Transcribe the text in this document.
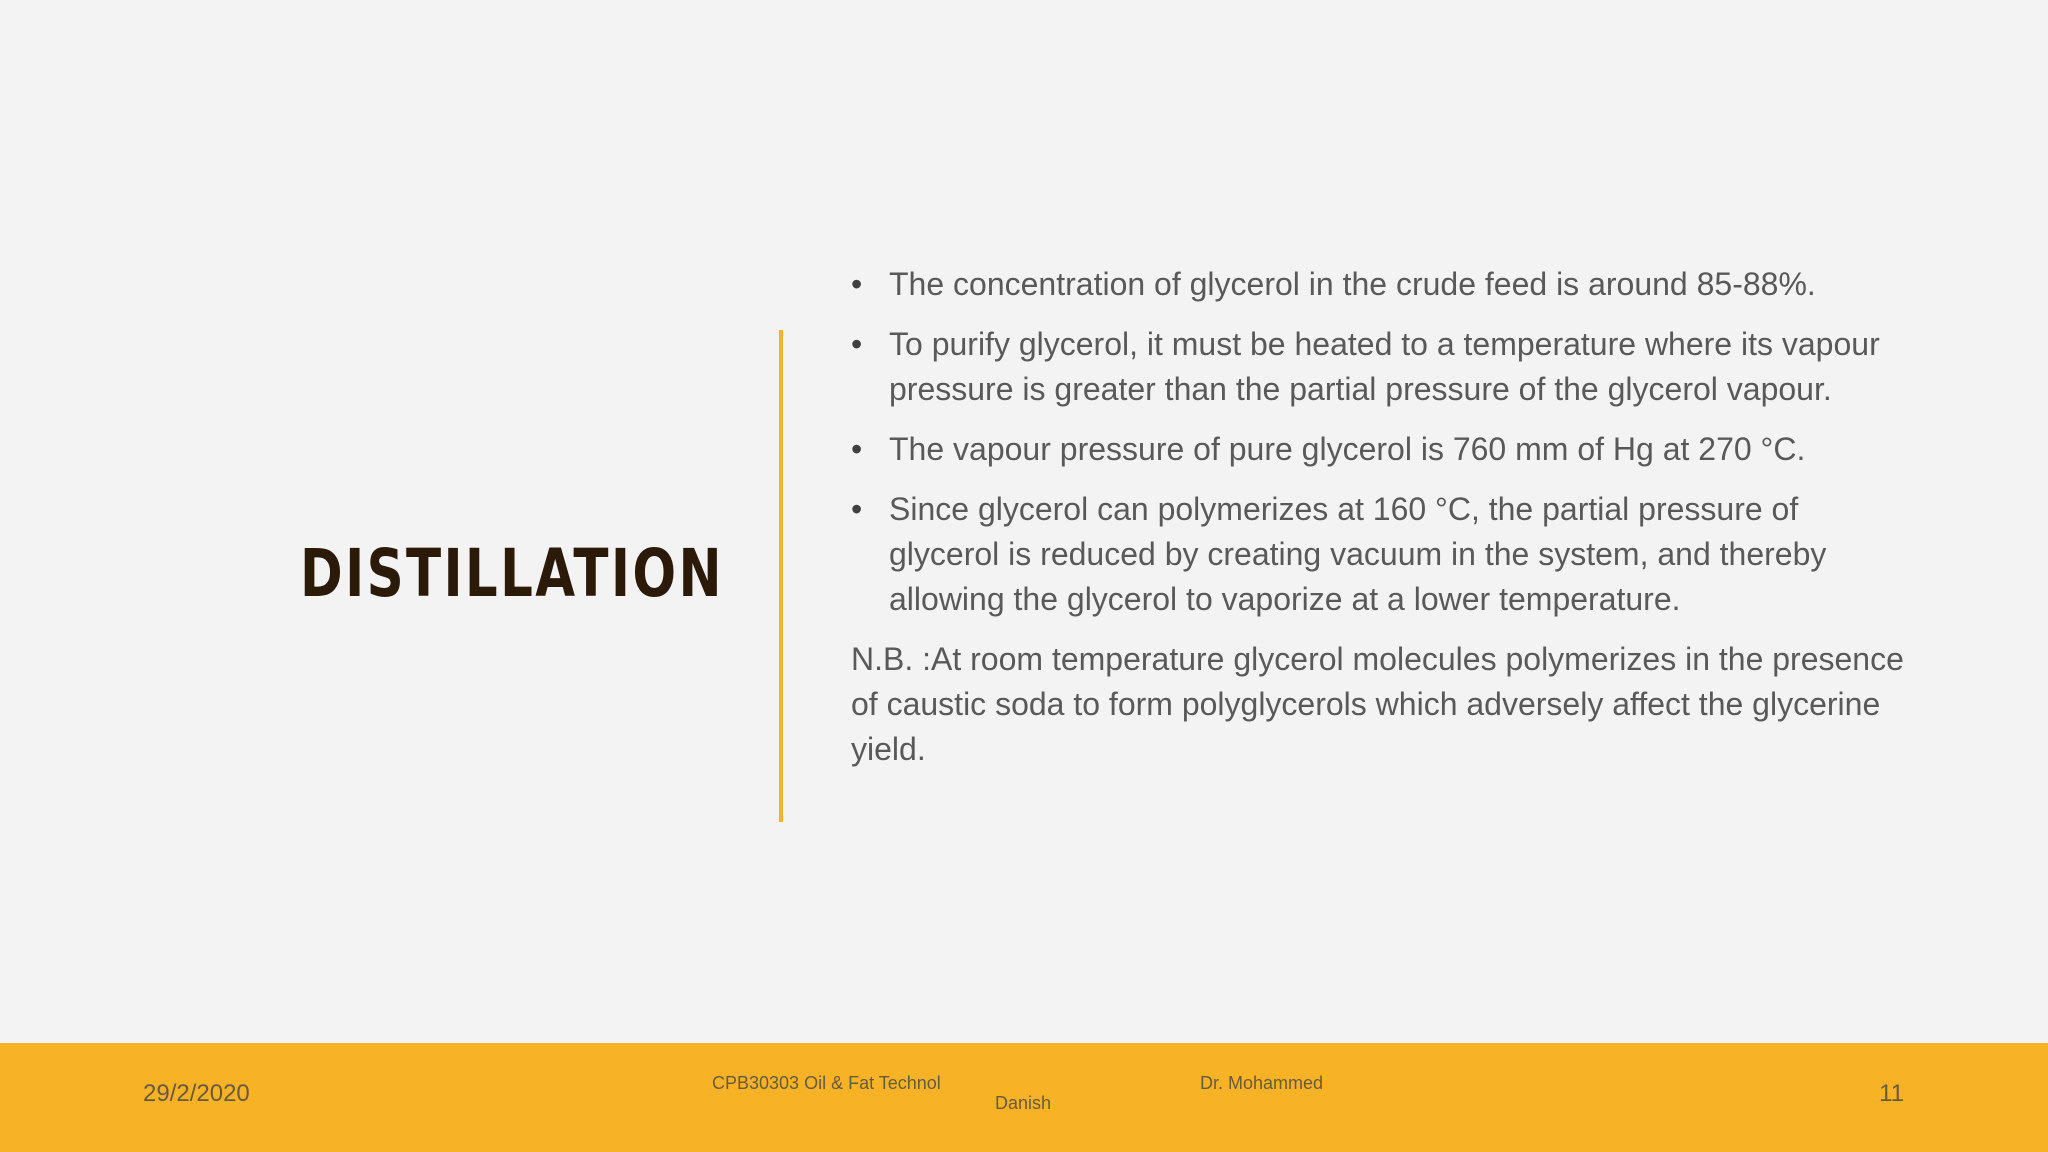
DISTILLATION
• The concentration of glycerol in the crude feed is around 85-88%.
• To purify glycerol, it must be heated to a temperature where its vapour pressure is greater than the partial pressure of the glycerol vapour.
• The vapour pressure of pure glycerol is 760 mm of Hg at 270 °C.
• Since glycerol can polymerizes at 160 °C, the partial pressure of glycerol is reduced by creating vacuum in the system, and thereby allowing the glycerol to vaporize at a lower temperature.

N.B. :At room temperature glycerol molecules polymerizes in the presence of caustic soda to form polyglycerols which adversely affect the glycerine yield.

29/2/2020	CPB30303 Oil & Fat Technol	Dr. Mohammed
Danish	11
